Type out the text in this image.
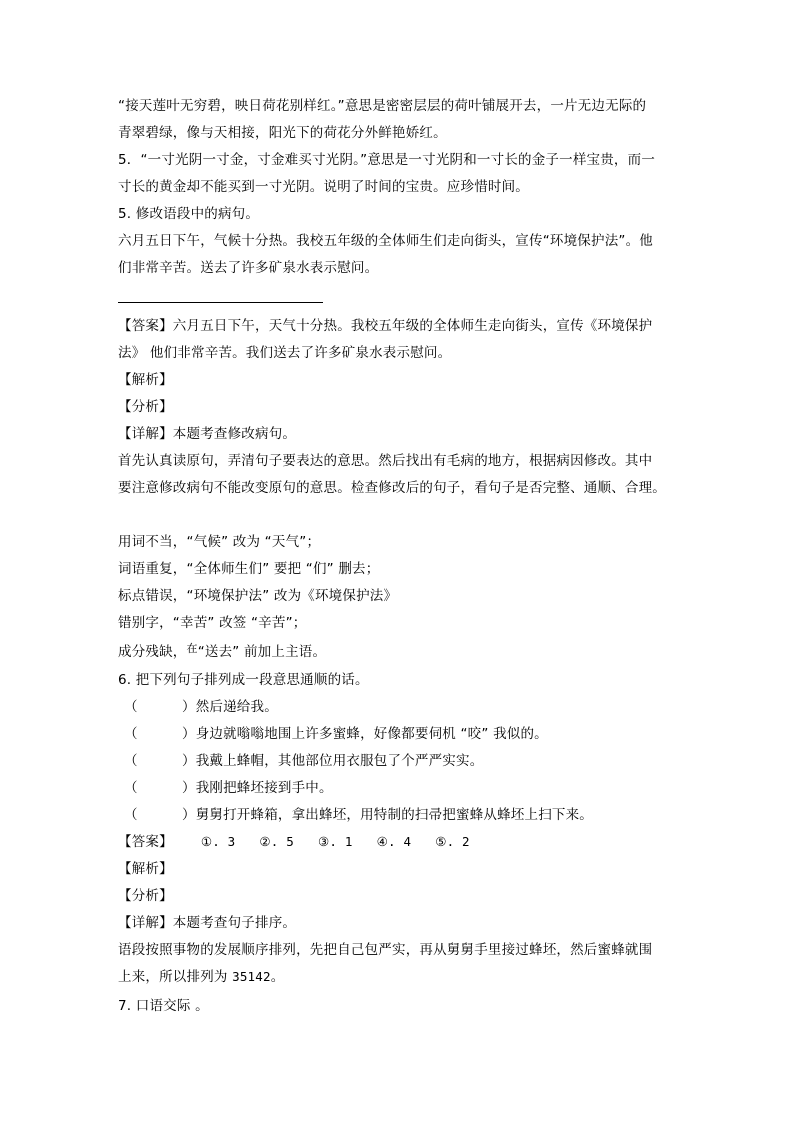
“接天莲叶无穷碧，映日荷花别样红。”意思是密密层层的荷叶铺展开去，一片无边无际的
青翠碧绿，像与天相接，阳光下的荷花分外鲜艳娇红。
5．“一寸光阴一寸金，寸金难买寸光阴。”意思是一寸光阴和一寸长的金子一样宝贵，而一
寸长的黄金却不能买到一寸光阴。说明了时间的宝贵。应珍惜时间。
5. 修改语段中的病句。
六月五日下午，气候十分热。我校五年级的全体师生们走向街头，宣传“环境保护法”。他
们非常辛苦。送去了许多矿泉水表示慰问。
【答案】六月五日下午，天气十分热。我校五年级的全体师生走向街头，宣传《环境保护
法》 他们非常辛苦。我们送去了许多矿泉水表示慰问。
【解析】
【分析】
【详解】本题考查修改病句。
首先认真读原句，弄清句子要表达的意思。然后找出有毛病的地方，根据病因修改。其中
要注意修改病句不能改变原句的意思。检查修改后的句子，看句子是否完整、通顺、合理。
用词不当，“气候” 改为 “天气”；
词语重复，“全体师生们” 要把 “们” 删去；
标点错误，“环境保护法” 改为《环境保护法》
错别字，“幸苦” 改签 “辛苦”；
成分残缺，$^在$“送去” 前加上主语。
6. 把下列句子排列成一段意思通顺的话。
（	）然后递给我。
（	）身边就嗡嗡地围上许多蜜蜂，好像都要伺机 “咬” 我似的。
（	）我戴上蜂帽，其他部位用衣服包了个严严实实。
（	）我刚把蜂坯接到手中。
（	）舅舅打开蜂箱，拿出蜂坯，用特制的扫帚把蜜蜂从蜂坯上扫下来。
【答案】 ①. 3 ②. 5 ③. 1 ④. 4 ⑤. 2
【解析】
【分析】
【详解】本题考查句子排序。
语段按照事物的发展顺序排列，先把自己包严实，再从舅舅手里接过蜂坯，然后蜜蜂就围
上来，所以排列为 35142。
7. 口语交际 。
